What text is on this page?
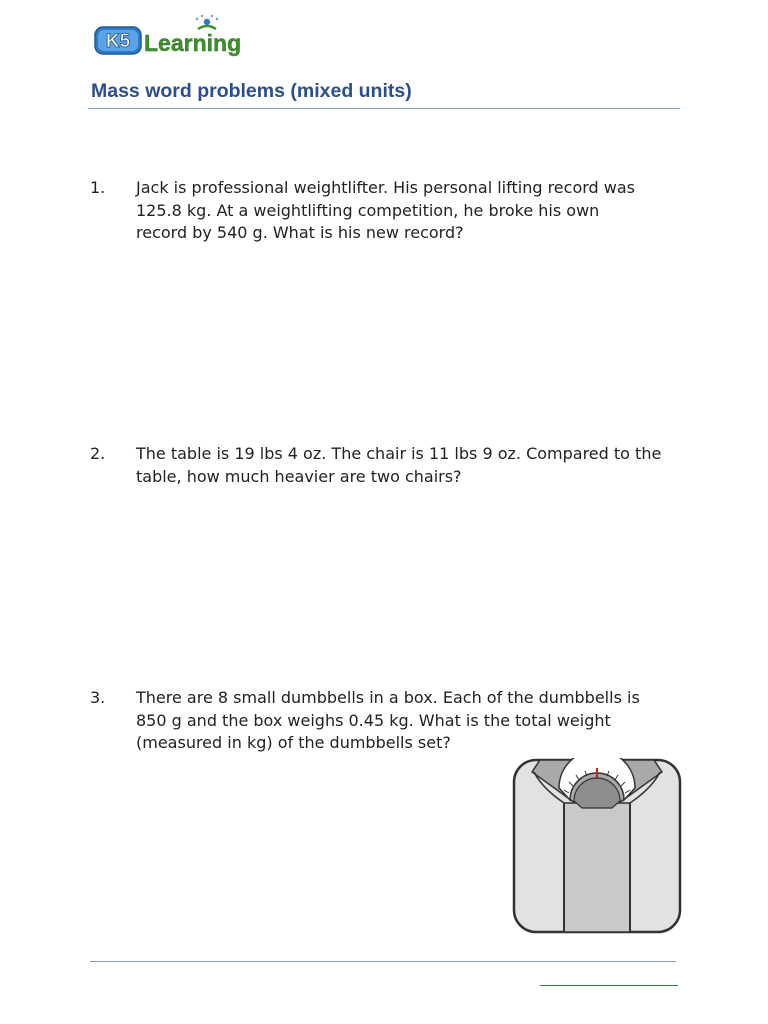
K5 Learning
Mass word problems (mixed units)
1.	Jack is professional weightlifter. His personal lifting record was
125.8 kg. At a weightlifting competition, he broke his own
record by 540 g. What is his new record?
2.	The table is 19 lbs 4 oz. The chair is 11 lbs 9 oz. Compared to the
table, how much heavier are two chairs?
3.	There are 8 small dumbbells in a box. Each of the dumbbells is
850 g and the box weighs 0.45 kg. What is the total weight
(measured in kg) of the dumbbells set?
